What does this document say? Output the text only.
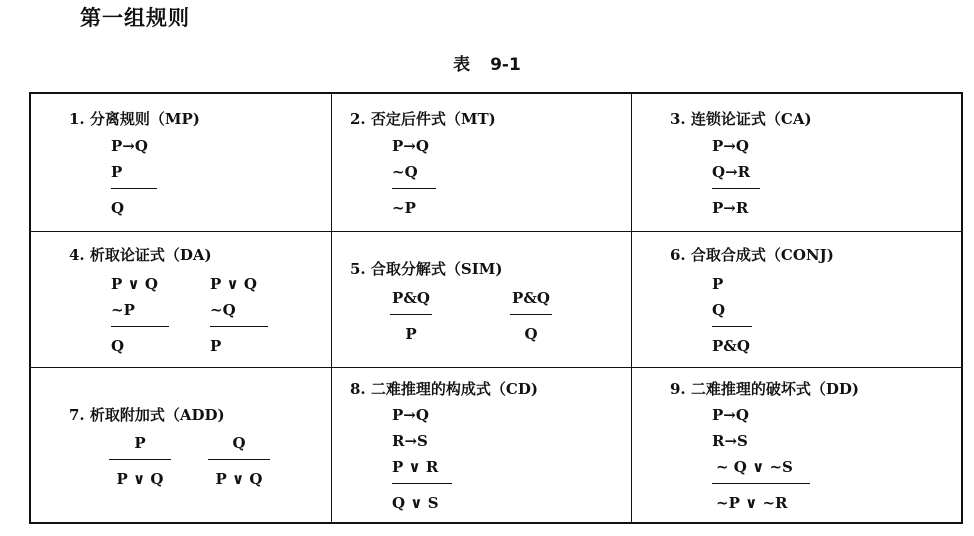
第一组规则
表 9-1
1. 分离规则（MP)
P→Q
P
Q
2. 否定后件式（MT)
P→Q
~Q
~P
3. 连锁论证式（CA)
P→Q
Q→R
P→R
4. 析取论证式（DA)
P ∨ Q
~P
Q
P ∨ Q
~Q
P
5. 合取分解式（SIM)
P&Q
P
P&Q
Q
6. 合取合成式（CONJ)
P
Q
P&Q
7. 析取附加式（ADD)
P
P ∨ Q
Q
P ∨ Q
8. 二难推理的构成式（CD)
P→Q
R→S
P ∨ R
Q ∨ S
9. 二难推理的破坏式（DD)
P→Q
R→S
~ Q ∨ ~S
~P ∨ ~R
